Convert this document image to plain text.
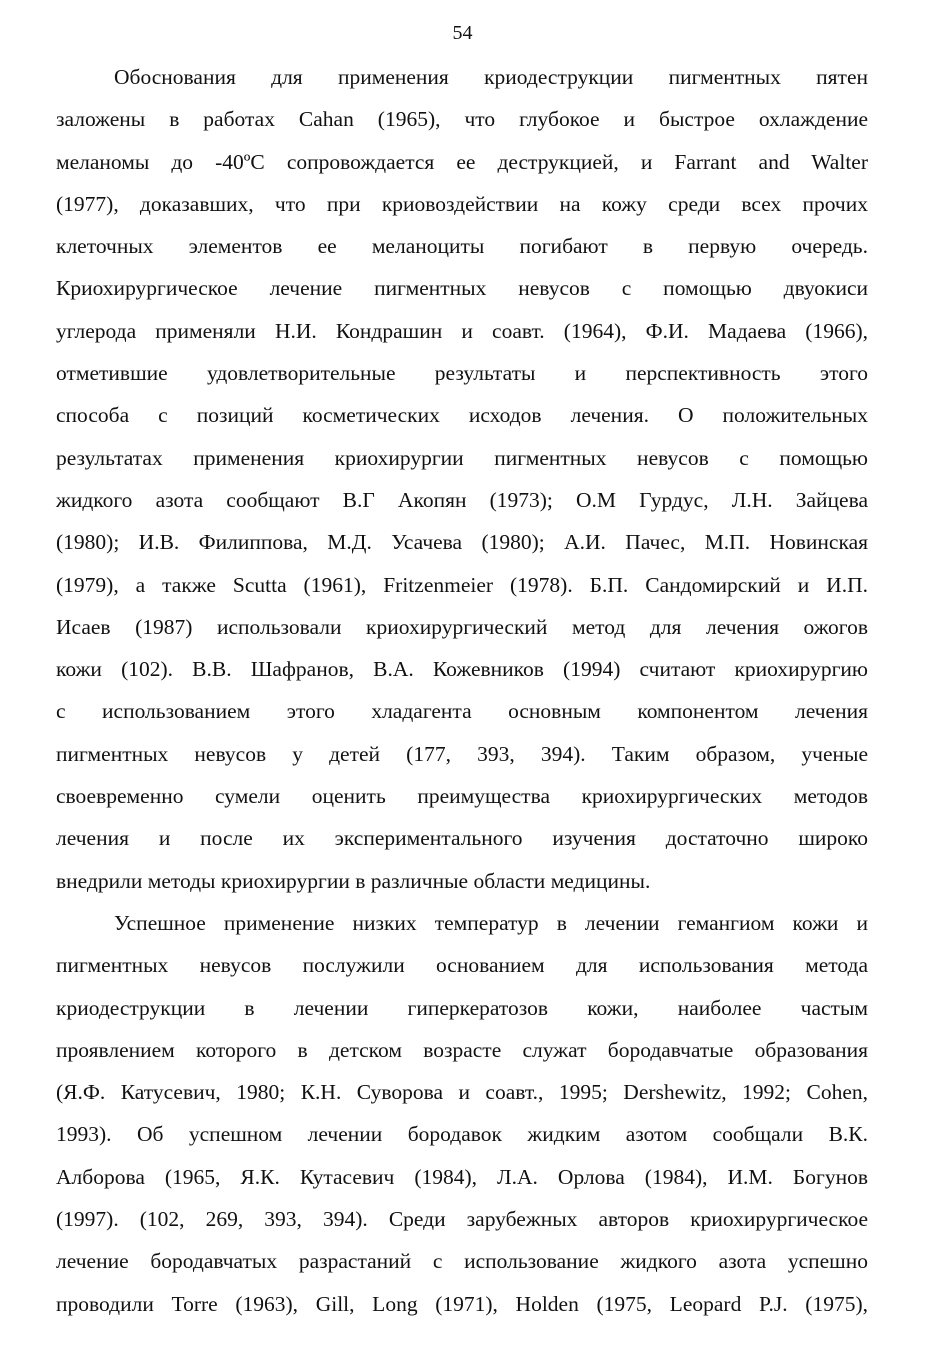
54

Обоснования для применения криодеструкции пигментных пятен
заложены в работах Cahan (1965), что глубокое и быстрое охлаждение
меланомы до -40ºС сопровождается ее деструкцией, и Farrant and Walter
(1977), доказавших, что при криовоздействии на кожу среди всех прочих
клеточных элементов ее меланоциты погибают в первую очередь.
Криохирургическое лечение пигментных невусов с помощью двуокиси
углерода применяли Н.И. Кондрашин и соавт. (1964), Ф.И. Мадаева (1966),
отметившие удовлетворительные результаты и перспективность этого
способа с позиций косметических исходов лечения. О положительных
результатах применения криохирургии пигментных невусов с помощью
жидкого азота сообщают В.Г Акопян (1973); О.М Гурдус, Л.Н. Зайцева
(1980); И.В. Филиппова, М.Д. Усачева (1980); А.И. Пачес, М.П. Новинская
(1979), а также Scutta (1961), Fritzenmeier (1978). Б.П. Сандомирский и И.П.
Исаев (1987) использовали криохирургический метод для лечения ожогов
кожи (102). В.В. Шафранов, В.А. Кожевников (1994) считают криохирургию
с использованием этого хладагента основным компонентом лечения
пигментных невусов у детей (177, 393, 394). Таким образом, ученые
своевременно сумели оценить преимущества криохирургических методов
лечения и после их экспериментального изучения достаточно широко
внедрили методы криохирургии в различные области медицины.

Успешное применение низких температур в лечении гемангиом кожи и
пигментных невусов послужили основанием для использования метода
криодеструкции в лечении гиперкератозов кожи, наиболее частым
проявлением которого в детском возрасте служат бородавчатые образования
(Я.Ф. Катусевич, 1980; К.Н. Суворова и соавт., 1995; Dershewitz, 1992; Cohen,
1993). Об успешном лечении бородавок жидким азотом сообщали В.К.
Алборова (1965, Я.К. Кутасевич (1984), Л.А. Орлова (1984), И.М. Богунов
(1997). (102, 269, 393, 394). Среди зарубежных авторов криохирургическое
лечение бородавчатых разрастаний с использование жидкого азота успешно
проводили Torre (1963), Gill, Long (1971), Holden (1975, Leopard P.J. (1975),
